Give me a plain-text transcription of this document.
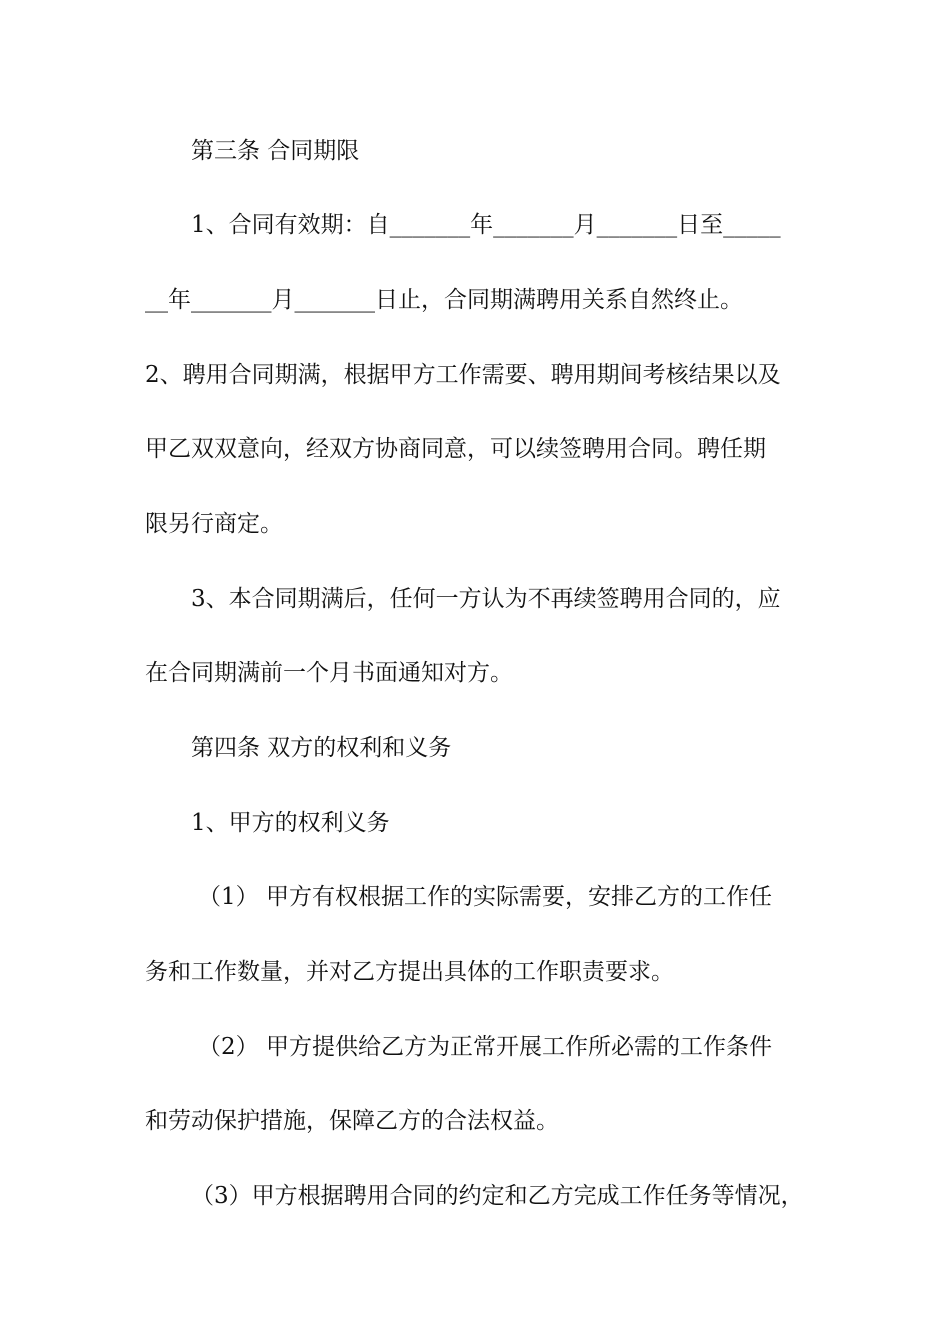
第三条 合同期限
1、合同有效期：自_______年_______月_______日至_____
__年_______月_______日止，合同期满聘用关系自然终止。
2、聘用合同期满，根据甲方工作需要、聘用期间考核结果以及
甲乙双双意向，经双方协商同意，可以续签聘用合同。聘任期
限另行商定。
3、本合同期满后，任何一方认为不再续签聘用合同的，应
在合同期满前一个月书面通知对方。
第四条 双方的权利和义务
1、甲方的权利义务
（1） 甲方有权根据工作的实际需要，安排乙方的工作任
务和工作数量，并对乙方提出具体的工作职责要求。
（2） 甲方提供给乙方为正常开展工作所必需的工作条件
和劳动保护措施，保障乙方的合法权益。
（3）甲方根据聘用合同的约定和乙方完成工作任务等情况，
